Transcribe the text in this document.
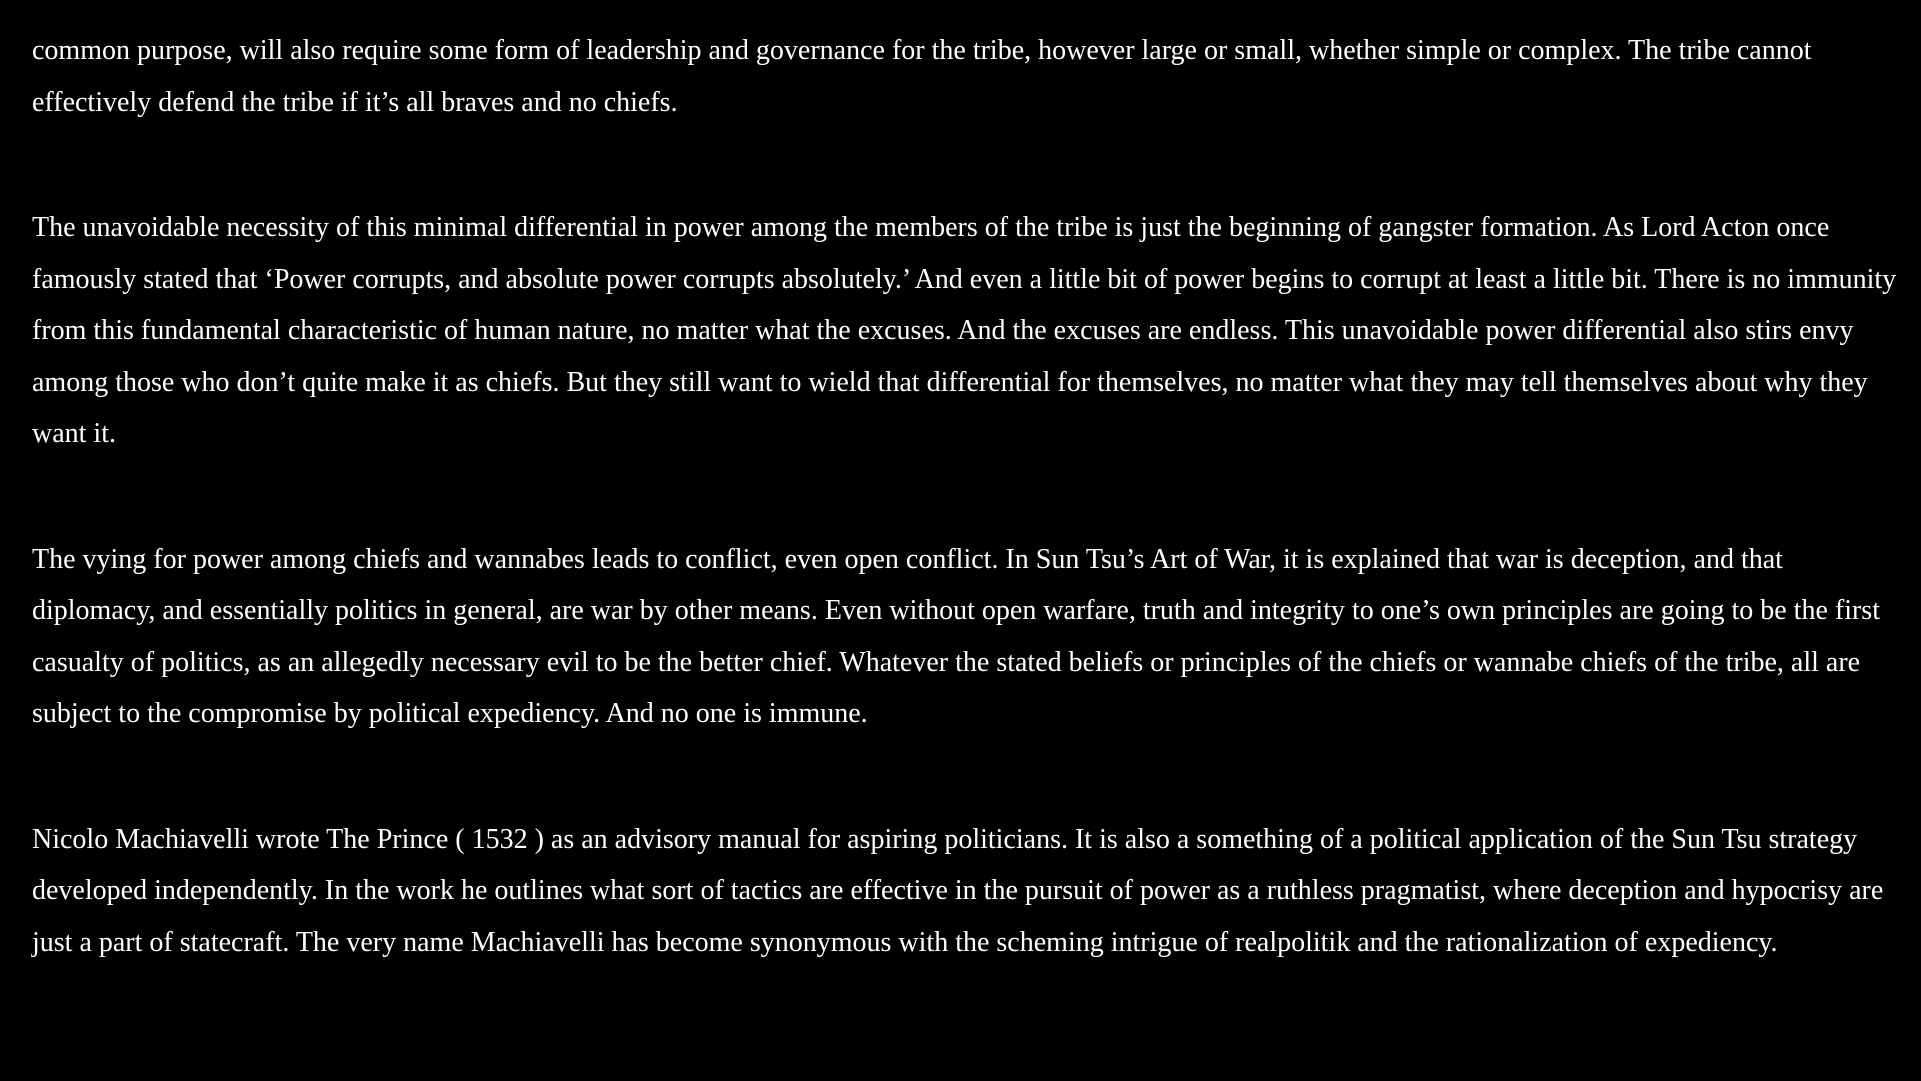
common purpose, will also require some form of leadership and governance for the tribe, however large or small, whether simple or complex. The tribe cannot effectively defend the tribe if it’s all braves and no chiefs.

The unavoidable necessity of this minimal differential in power among the members of the tribe is just the beginning of gangster formation. As Lord Acton once famously stated that ‘Power corrupts, and absolute power corrupts absolutely.’ And even a little bit of power begins to corrupt at least a little bit. There is no immunity from this fundamental characteristic of human nature, no matter what the excuses. And the excuses are endless. This unavoidable power differential also stirs envy among those who don’t quite make it as chiefs. But they still want to wield that differential for themselves, no matter what they may tell themselves about why they want it.

The vying for power among chiefs and wannabes leads to conflict, even open conflict. In Sun Tsu’s Art of War, it is explained that war is deception, and that diplomacy, and essentially politics in general, are war by other means. Even without open warfare, truth and integrity to one’s own principles are going to be the first casualty of politics, as an allegedly necessary evil to be the better chief. Whatever the stated beliefs or principles of the chiefs or wannabe chiefs of the tribe, all are subject to the compromise by political expediency. And no one is immune.

Nicolo Machiavelli wrote The Prince ( 1532 ) as an advisory manual for aspiring politicians. It is also a something of a political application of the Sun Tsu strategy developed independently. In the work he outlines what sort of tactics are effective in the pursuit of power as a ruthless pragmatist, where deception and hypocrisy are just a part of statecraft. The very name Machiavelli has become synonymous with the scheming intrigue of realpolitik and the rationalization of expediency.
